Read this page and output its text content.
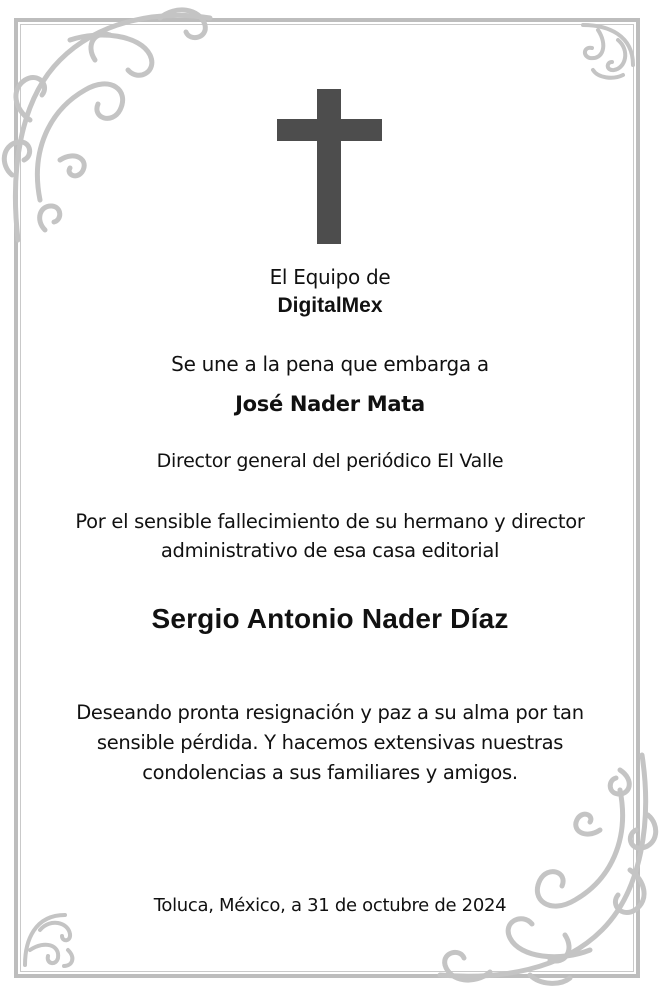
El Equipo de
DigitalMex
Se une a la pena que embarga a
José Nader Mata
Director general del periódico El Valle
Por el sensible fallecimiento de su hermano y director
administrativo de esa casa editorial
Sergio Antonio Nader Díaz
Deseando pronta resignación y paz a su alma por tan
sensible pérdida. Y hacemos extensivas nuestras
condolencias a sus familiares y amigos.
Toluca, México, a 31 de octubre de 2024
